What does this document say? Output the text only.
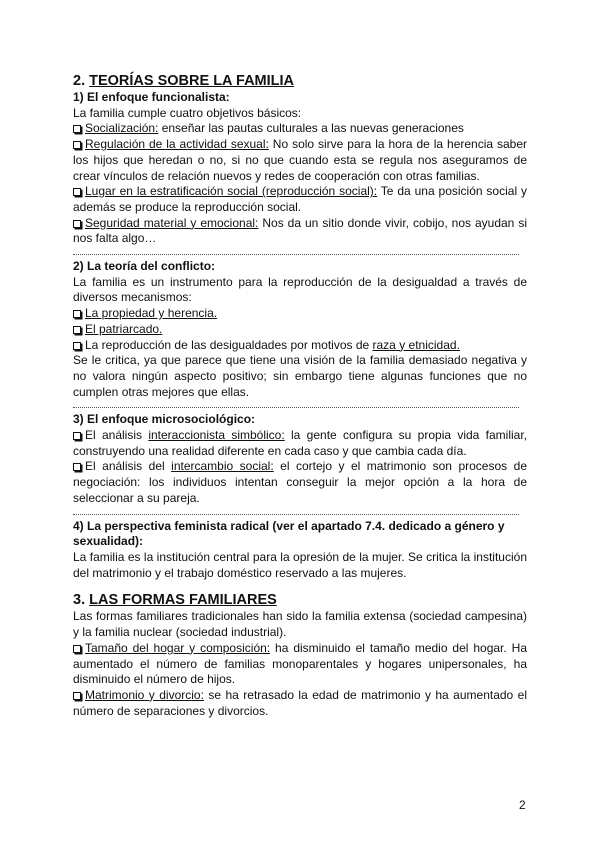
2. TEORÍAS SOBRE LA FAMILIA
1) El enfoque funcionalista:

La familia cumple cuatro objetivos básicos:

Socialización: enseñar las pautas culturales a las nuevas generaciones

Regulación de la actividad sexual: No solo sirve para la hora de la herencia saber los hijos que heredan o no, si no que cuando esta se regula nos aseguramos de crear vínculos de relación nuevos y redes de cooperación con otras familias.

Lugar en la estratificación social (reproducción social): Te da una posición social y además se produce la reproducción social.

Seguridad material y emocional: Nos da un sitio donde vivir, cobijo, nos ayudan si nos falta algo…

2) La teoría del conflicto:

La familia es un instrumento para la reproducción de la desigualdad a través de diversos mecanismos:

La propiedad y herencia.

El patriarcado.

La reproducción de las desigualdades por motivos de raza y etnicidad.

Se le critica, ya que parece que tiene una visión de la familia demasiado negativa y no valora ningún aspecto positivo; sin embargo tiene algunas funciones que no cumplen otras mejores que ellas.

3) El enfoque microsociológico:

El análisis interaccionista simbólico: la gente configura su propia vida familiar, construyendo una realidad diferente en cada caso y que cambia cada día.

El análisis del intercambio social: el cortejo y el matrimonio son procesos de negociación: los individuos intentan conseguir la mejor opción a la hora de seleccionar a su pareja.

4) La perspectiva feminista radical (ver el apartado 7.4. dedicado a género y sexualidad):

La familia es la institución central para la opresión de la mujer. Se critica la institución del matrimonio y el trabajo doméstico reservado a las mujeres.

3. LAS FORMAS FAMILIARES

Las formas familiares tradicionales han sido la familia extensa (sociedad campesina) y la familia nuclear (sociedad industrial).

Tamaño del hogar y composición: ha disminuido el tamaño medio del hogar. Ha aumentado el número de familias monoparentales y hogares unipersonales, ha disminuido el número de hijos.

Matrimonio y divorcio: se ha retrasado la edad de matrimonio y ha aumentado el número de separaciones y divorcios.

2
